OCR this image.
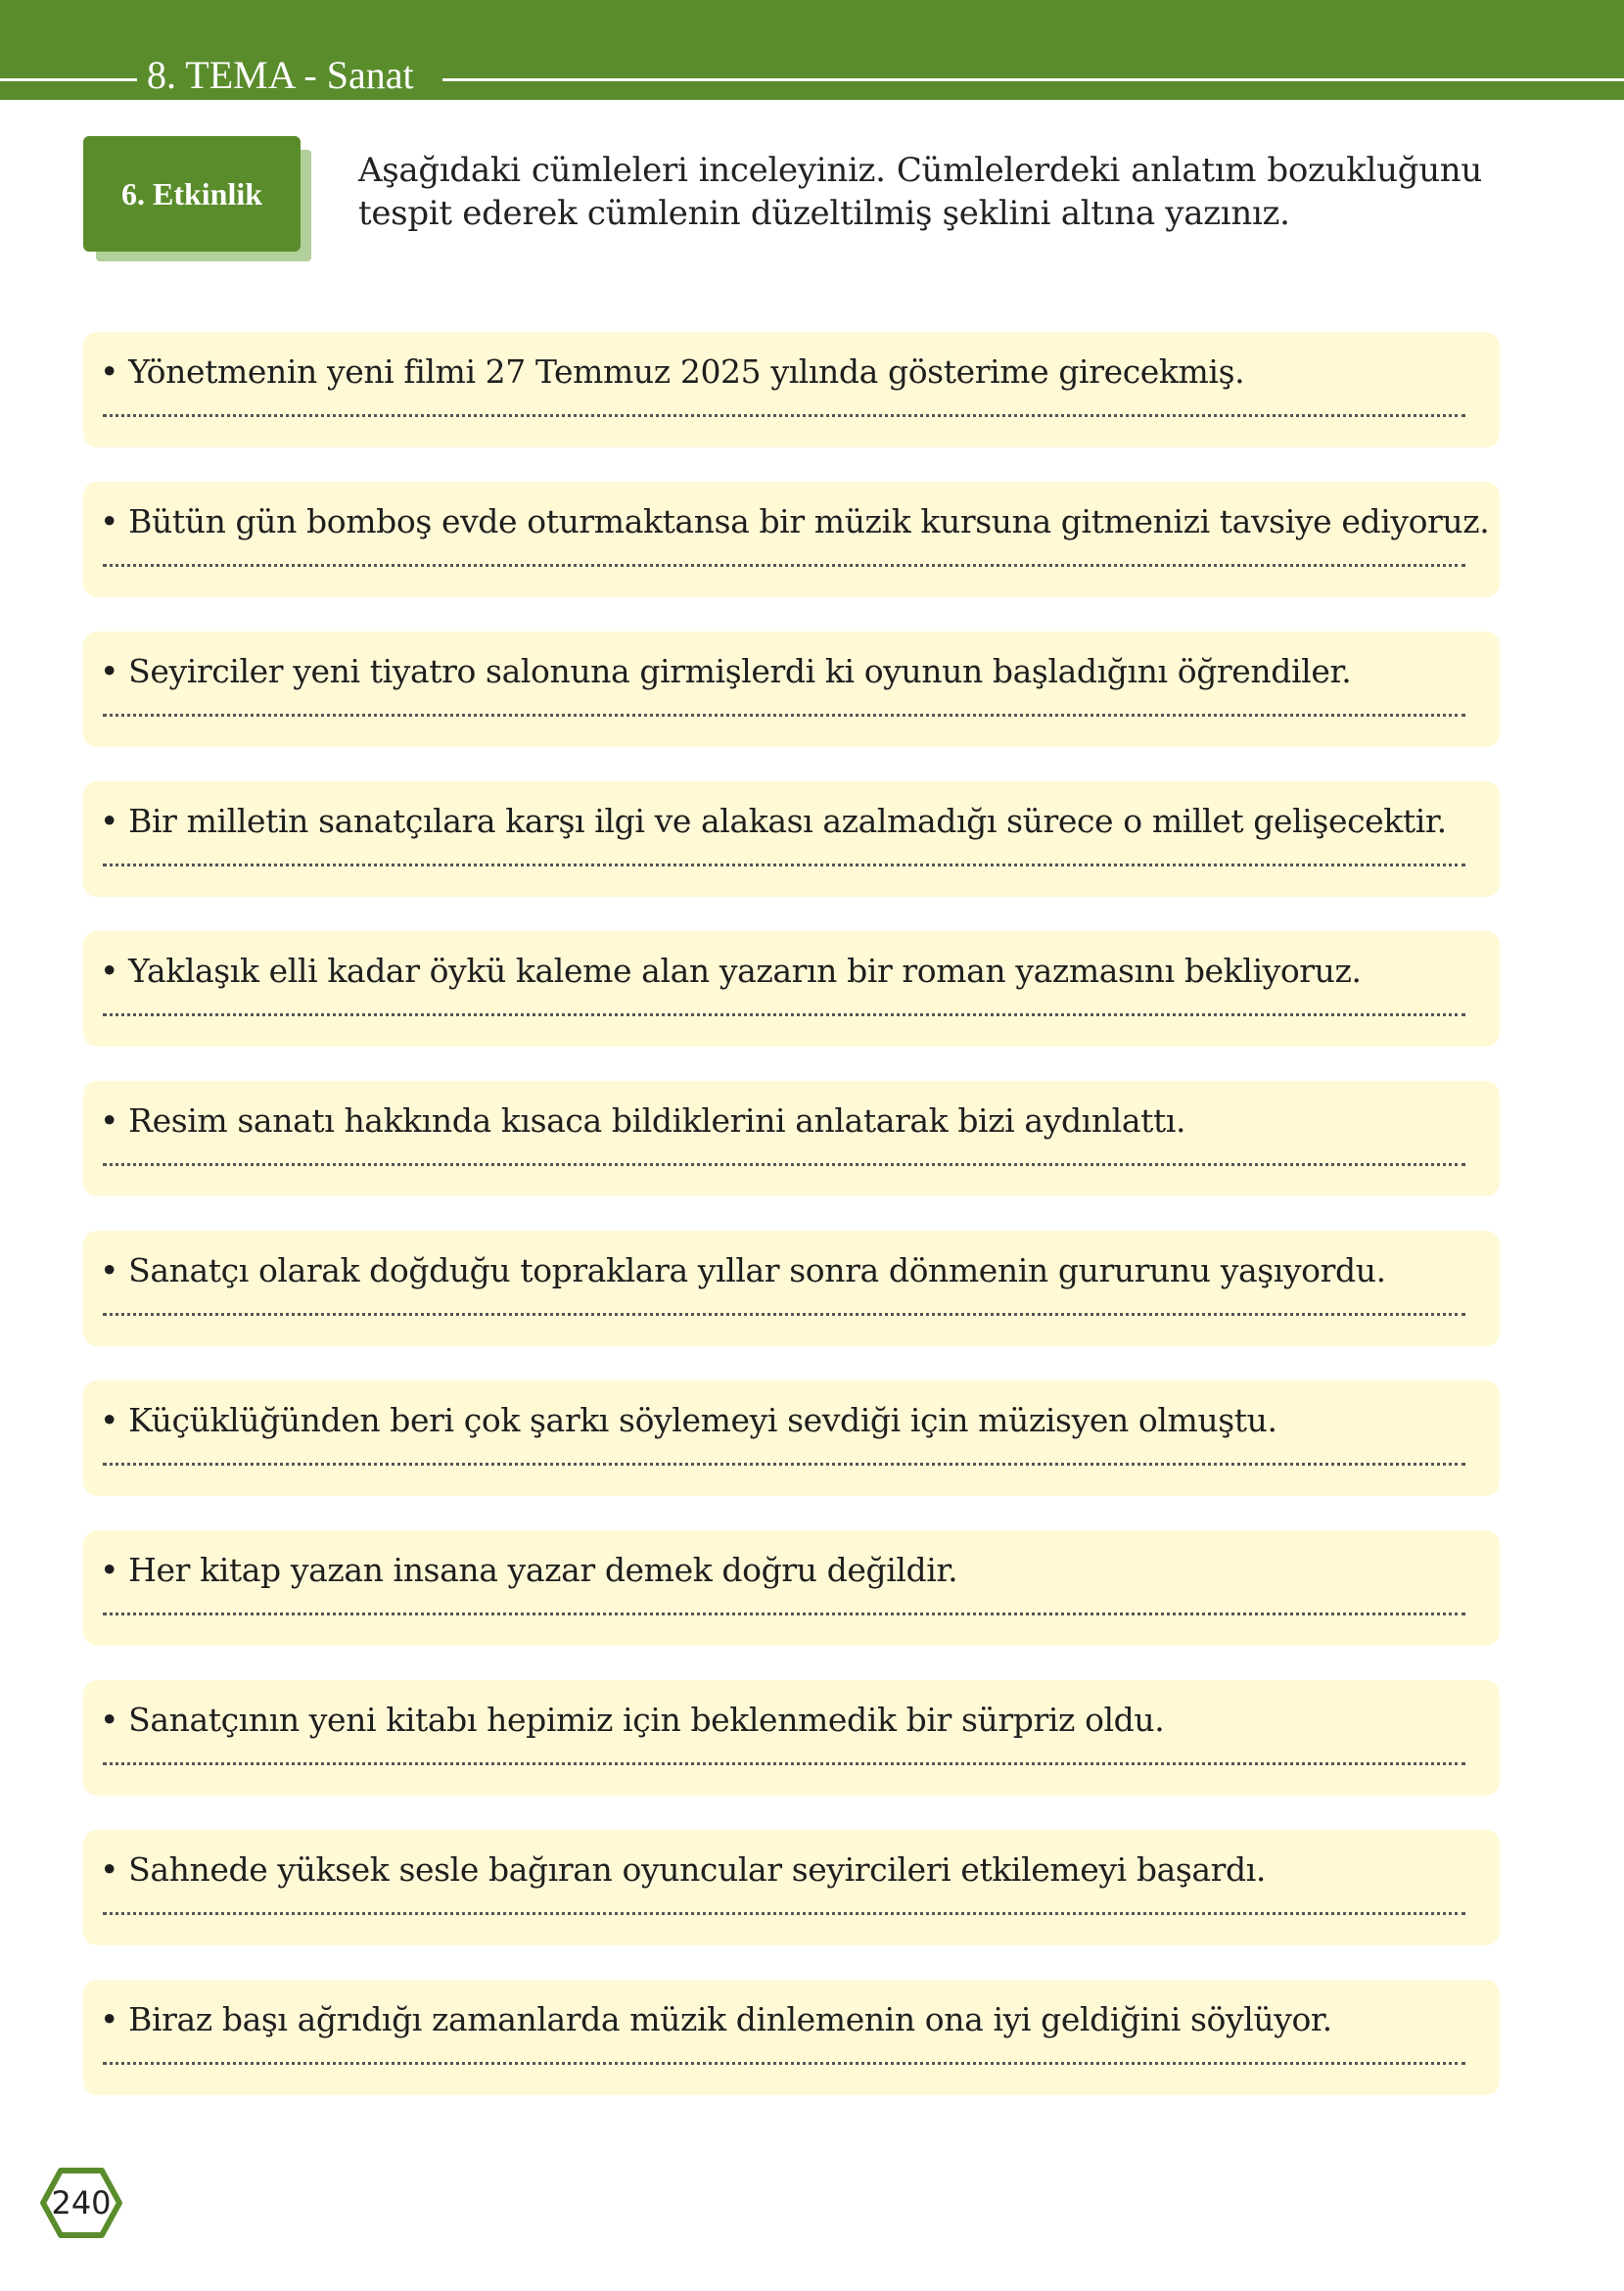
8. TEMA - Sanat
6. Etkinlik
Aşağıdaki cümleleri inceleyiniz. Cümlelerdeki anlatım bozukluğunu tespit ederek cümlenin düzeltilmiş şeklini altına yazınız.
• Yönetmenin yeni filmi 27 Temmuz 2025 yılında gösterime girecekmiş.
• Bütün gün bomboş evde oturmaktansa bir müzik kursuna gitmenizi tavsiye ediyoruz.
• Seyirciler yeni tiyatro salonuna girmişlerdi ki oyunun başladığını öğrendiler.
• Bir milletin sanatçılara karşı ilgi ve alakası azalmadığı sürece o millet gelişecektir.
• Yaklaşık elli kadar öykü kaleme alan yazarın bir roman yazmasını bekliyoruz.
• Resim sanatı hakkında kısaca bildiklerini anlatarak bizi aydınlattı.
• Sanatçı olarak doğduğu topraklara yıllar sonra dönmenin gururunu yaşıyordu.
• Küçüklüğünden beri çok şarkı söylemeyi sevdiği için müzisyen olmuştu.
• Her kitap yazan insana yazar demek doğru değildir.
• Sanatçının yeni kitabı hepimiz için beklenmedik bir sürpriz oldu.
• Sahnede yüksek sesle bağıran oyuncular seyircileri etkilemeyi başardı.
• Biraz başı ağrıdığı zamanlarda müzik dinlemenin ona iyi geldiğini söylüyor.
240
